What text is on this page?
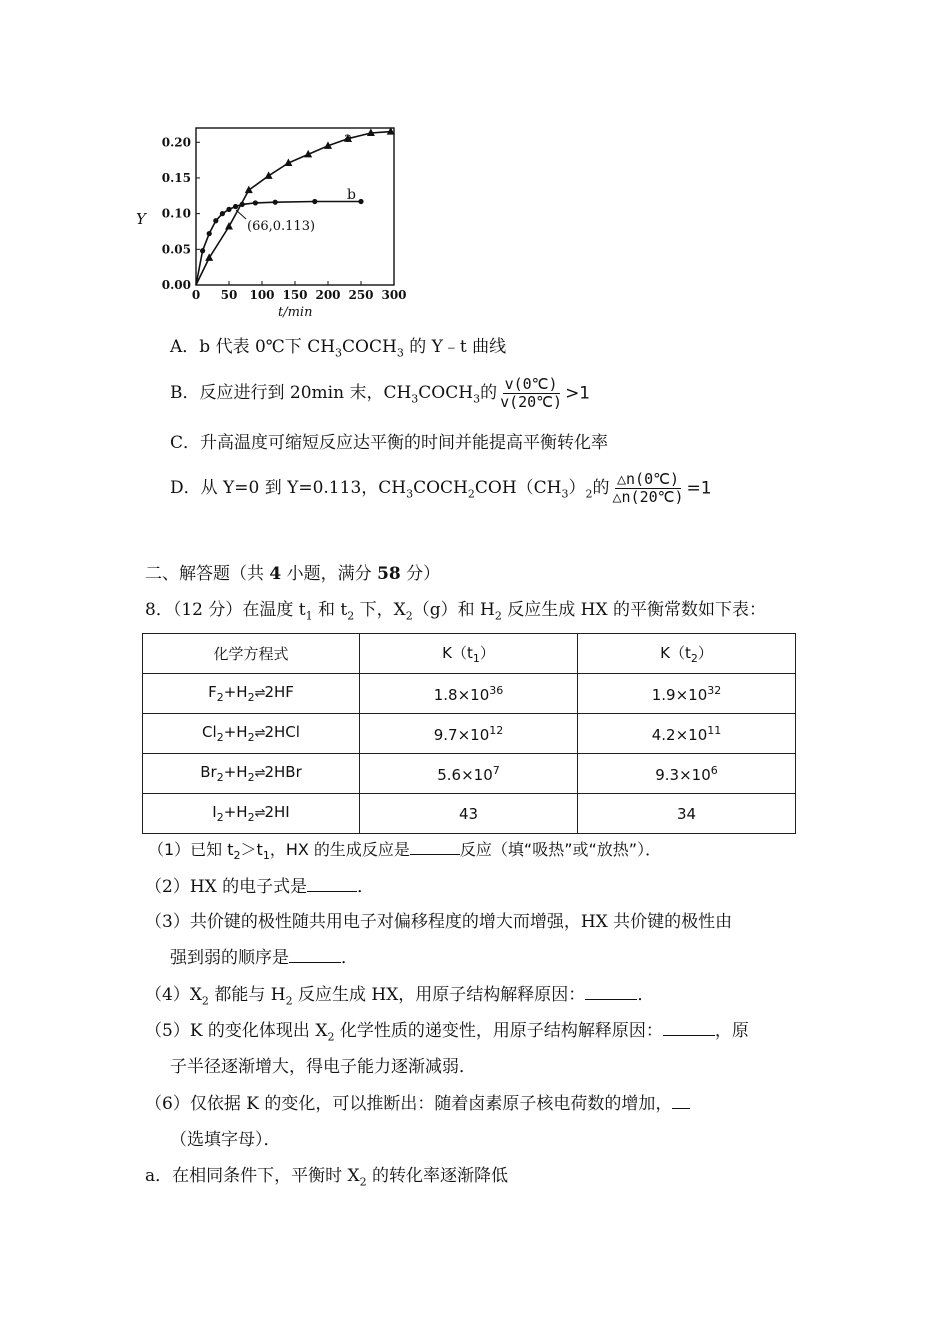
0.00
0.05
0.10
0.15
0.20
0 50 100 150 200 250 300
Y
t/min
a
b
(66,0.113)
A．b 代表 0℃下 $CH_3COCH_3$ 的 Y﹣t 曲线
B．反应进行到 20min 末，$CH_3COCH_3$的 $\frac{v(0℃)}{v(20℃)} >1$
C．升高温度可缩短反应达平衡的时间并能提高平衡转化率
D．从 Y=0 到 Y=0.113，$CH_3COCH_2COH(CH_3)_2$的 $\frac{\triangle n(0℃)}{\triangle n(20℃)} =1$
二、解答题（共 4 小题，满分 58 分）
8．（12 分）在温度 $t_1$ 和 $t_2$ 下，$X_2(g)$和 $H_2$ 反应生成 HX 的平衡常数如下表：
化学方程式	$K(t_1)$	$K(t_2)$
$F_2+H_2\rightleftharpoons 2HF$	$1.8\times 10^{36}$	$1.9\times 10^{32}$
$Cl_2+H_2\rightleftharpoons 2HCl$	$9.7\times 10^{12}$	$4.2\times 10^{11}$
$Br_2+H_2\rightleftharpoons 2HBr$	$5.6\times 10^7$	$9.3\times 10^6$
$I_2+H_2\rightleftharpoons 2HI$	43	34
（1）已知 $t_2>t_1$，HX 的生成反应是	反应（填“吸热”或“放热”）．
（2）HX 的电子式是	．
（3）共价键的极性随共用电子对偏移程度的增大而增强，HX 共价键的极性由
强到弱的顺序是	．
$(4)X_2$ 都能与 $H_2$ 反应生成 HX，用原子结构解释原因：	．
（5）K 的变化体现出 $X_2$ 化学性质的递变性，用原子结构解释原因：	，原
子半径逐渐增大，得电子能力逐渐减弱．
（6）仅依据 K 的变化，可以推断出：随着卤素原子核电荷数的增加，
（选填字母）．
a．在相同条件下，平衡时 $X_2$ 的转化率逐渐降低
